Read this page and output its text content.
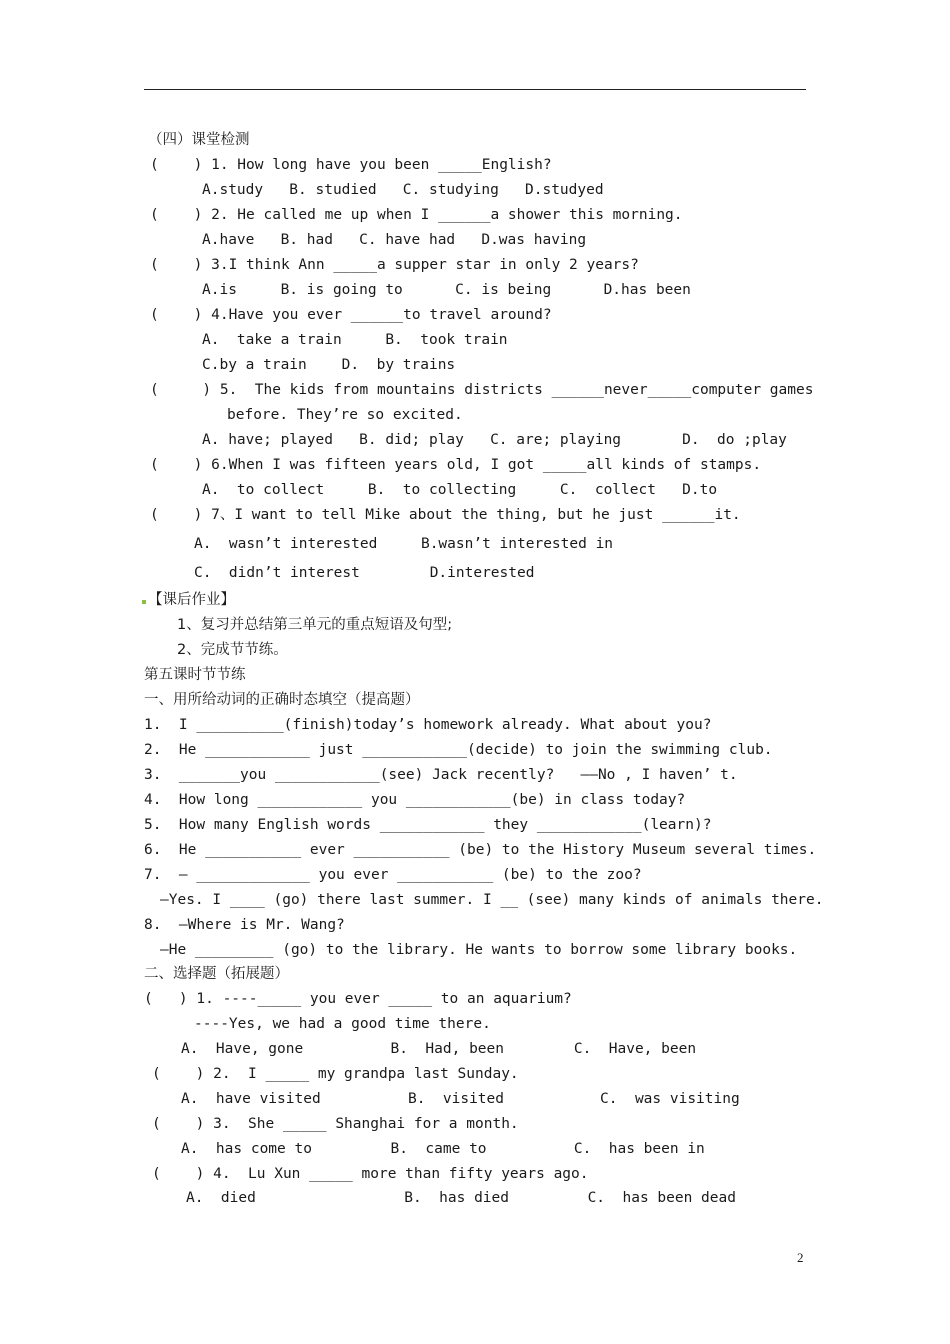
（四）课堂检测
(    ) 1. How long have you been _____English?
A.study   B. studied   C. studying   D.studyed
(    ) 2. He called me up when I ______a shower this morning.
A.have   B. had   C. have had   D.was having
(    ) 3.I think Ann _____a supper star in only 2 years?
A.is     B. is going to      C. is being      D.has been
(    ) 4.Have you ever ______to travel around?
A.  take a train     B.  took train
C.by a train    D.  by trains
(     ) 5.  The kids from mountains districts ______never_____computer games
before. They’re so excited.
A. have; played   B. did; play   C. are; playing       D.  do ;play
(    ) 6.When I was fifteen years old, I got _____all kinds of stamps.
A.  to collect     B.  to collecting     C.  collect   D.to
(    ) 7、I want to tell Mike about the thing, but he just ______it.
A.  wasn’t interested     B.wasn’t interested in
C.  didn’t interest        D.interested
【课后作业】
1、复习并总结第三单元的重点短语及句型;
2、完成节节练。
第五课时节节练
一、用所给动词的正确时态填空（提高题）
1.  I __________(finish)today’s homework already. What about you?
2.  He ____________ just ____________(decide) to join the swimming club.
3.  _______you ____________(see) Jack recently?   ——No , I haven’ t.
4.  How long ____________ you ____________(be) in class today?
5.  How many English words ____________ they ____________(learn)?
6.  He ___________ ever ___________ (be) to the History Museum several times.
7.  — _____________ you ever ___________ (be) to the zoo?
—Yes. I ____ (go) there last summer. I __ (see) many kinds of animals there.
8.  —Where is Mr. Wang?
—He _________ (go) to the library. He wants to borrow some library books.
二、选择题（拓展题）
(   ) 1. ----_____ you ever _____ to an aquarium?
----Yes, we had a good time there.
A.  Have, gone          B.  Had, been        C.  Have, been
(    ) 2.  I _____ my grandpa last Sunday.
A.  have visited          B.  visited           C.  was visiting
(    ) 3.  She _____ Shanghai for a month.
A.  has come to         B.  came to          C.  has been in
(    ) 4.  Lu Xun _____ more than fifty years ago.
A.  died                 B.  has died         C.  has been dead
2
